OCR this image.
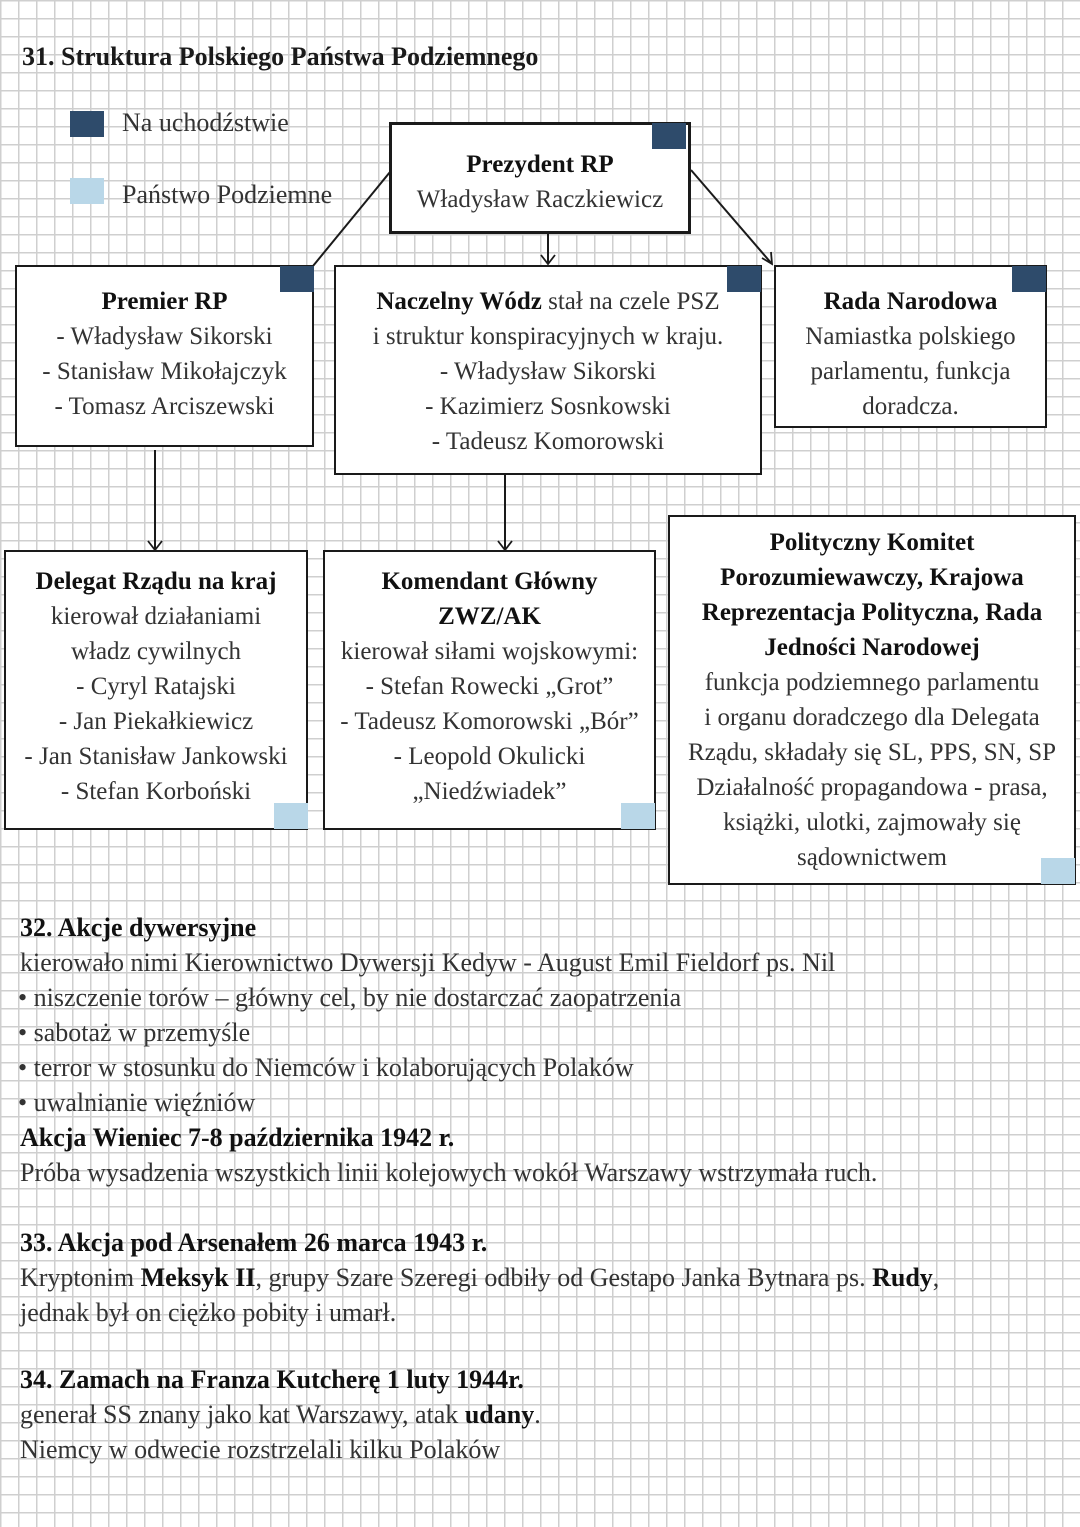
31. Struktura Polskiego Państwa Podziemnego
Na uchodźstwie
Państwo Podziemne
Prezydent RP
Władysław Raczkiewicz
Premier RP
- Władysław Sikorski
- Stanisław Mikołajczyk
- Tomasz Arciszewski
Naczelny Wódz stał na czele PSZ
i struktur konspiracyjnych w kraju.
- Władysław Sikorski
- Kazimierz Sosnkowski
- Tadeusz Komorowski
Rada Narodowa
Namiastka polskiego
parlamentu, funkcja
doradcza.
Delegat Rządu na kraj
kierował działaniami
władz cywilnych
- Cyryl Ratajski
- Jan Piekałkiewicz
- Jan Stanisław Jankowski
- Stefan Korboński
Komendant Główny
ZWZ/AK
kierował siłami wojskowymi:
- Stefan Rowecki „Grot”
- Tadeusz Komorowski „Bór”
- Leopold Okulicki
„Niedźwiadek”
Polityczny Komitet
Porozumiewawczy, Krajowa
Reprezentacja Polityczna, Rada
Jedności Narodowej
funkcja podziemnego parlamentu
i organu doradczego dla Delegata
Rządu, składały się SL, PPS, SN, SP
Działalność propagandowa - prasa,
książki, ulotki, zajmowały się
sądownictwem
32. Akcje dywersyjne
kierowało nimi Kierownictwo Dywersji Kedyw - August Emil Fieldorf ps. Nil
• niszczenie torów – główny cel, by nie dostarczać zaopatrzenia
• sabotaż w przemyśle
• terror w stosunku do Niemców i kolaborujących Polaków
• uwalnianie więźniów
Akcja Wieniec 7-8 października 1942 r.
Próba wysadzenia wszystkich linii kolejowych wokół Warszawy wstrzymała ruch.
33. Akcja pod Arsenałem 26 marca 1943 r.
Kryptonim Meksyk II, grupy Szare Szeregi odbiły od Gestapo Janka Bytnara ps. Rudy,
jednak był on ciężko pobity i umarł.
34. Zamach na Franza Kutcherę 1 luty 1944r.
generał SS znany jako kat Warszawy, atak udany.
Niemcy w odwecie rozstrzelali kilku Polaków
